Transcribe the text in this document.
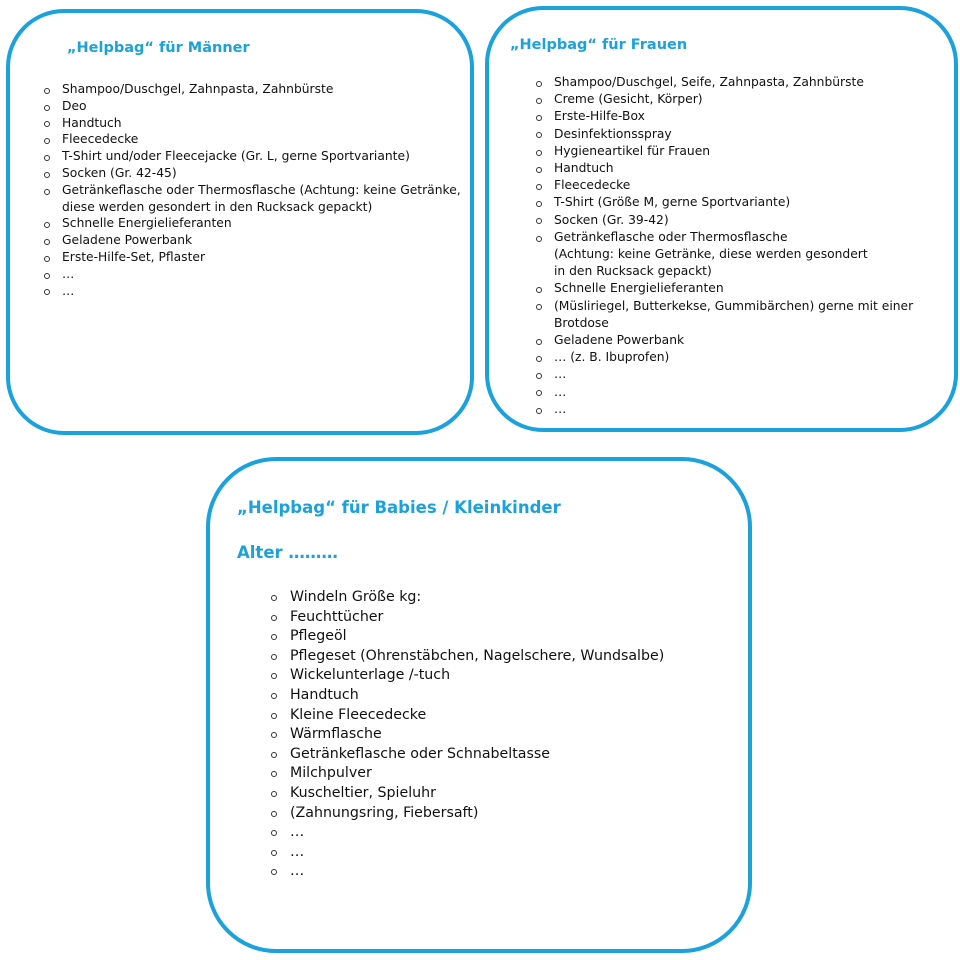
„Helpbag“ für Männer
Shampoo/Duschgel, Zahnpasta, Zahnbürste
Deo
Handtuch
Fleecedecke
T-Shirt und/oder Fleecejacke (Gr. L, gerne Sportvariante)
Socken (Gr. 42-45)
Getränkeflasche oder Thermosflasche (Achtung: keine Getränke,
diese werden gesondert in den Rucksack gepackt)
Schnelle Energielieferanten
Geladene Powerbank
Erste-Hilfe-Set, Pflaster
…
…
„Helpbag“ für Frauen
Shampoo/Duschgel, Seife, Zahnpasta, Zahnbürste
Creme (Gesicht, Körper)
Erste-Hilfe-Box
Desinfektionsspray
Hygieneartikel für Frauen
Handtuch
Fleecedecke
T-Shirt (Größe M, gerne Sportvariante)
Socken (Gr. 39-42)
Getränkeflasche oder Thermosflasche
(Achtung: keine Getränke, diese werden gesondert
in den Rucksack gepackt)
Schnelle Energielieferanten
(Müsliriegel, Butterkekse, Gummibärchen) gerne mit einer
Brotdose
Geladene Powerbank
… (z. B. Ibuprofen)
…
…
…
„Helpbag“ für Babies / Kleinkinder
Alter ………
Windeln Größe kg:
Feuchttücher
Pflegeöl
Pflegeset (Ohrenstäbchen, Nagelschere, Wundsalbe)
Wickelunterlage /-tuch
Handtuch
Kleine Fleecedecke
Wärmflasche
Getränkeflasche oder Schnabeltasse
Milchpulver
Kuscheltier, Spieluhr
(Zahnungsring, Fiebersaft)
…
…
…
